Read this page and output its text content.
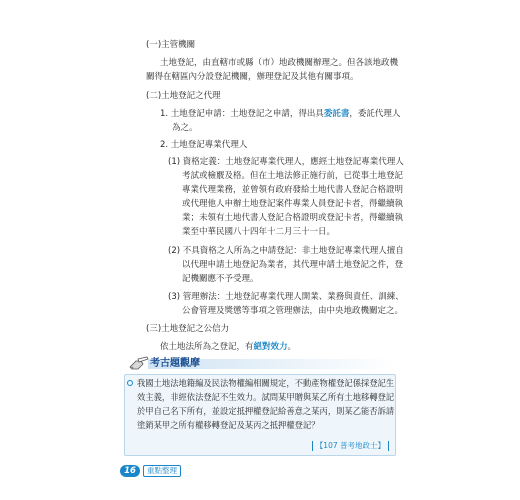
(一)主管機關
土地登記，由直轄市或縣（市）地政機關辦理之。但各該地政機
關得在轄區內分設登記機關，辦理登記及其他有關事項。
(二)土地登記之代理
1. 土地登記申請：土地登記之申請，得出具委託書，委託代理人
為之。
2. 土地登記專業代理人
(1) 資格定義：土地登記專業代理人，應經土地登記專業代理人
考試或檢覈及格。但在土地法修正施行前，已從事土地登記
專業代理業務，並曾領有政府發給土地代書人登記合格證明
或代理他人申辦土地登記案件專業人員登記卡者，得繼續執
業；未領有土地代書人登記合格證明或登記卡者，得繼續執
業至中華民國八十四年十二月三十一日。
(2) 不具資格之人所為之申請登記：非土地登記專業代理人擅自
以代理申請土地登記為業者，其代理申請土地登記之件，登
記機關應不予受理。
(3) 管理辦法：土地登記專業代理人開業、業務與責任、訓練、
公會管理及獎懲等事項之管理辦法，由中央地政機關定之。
(三)土地登記之公信力
依土地法所為之登記，有絕對效力。
考古題觀摩
我國土地法地籍編及民法物權編相關規定，不動產物權登記係採登記生
效主義，非經依法登記不生效力。試問某甲贈與某乙所有土地移轉登記
於甲自己名下所有，並設定抵押權登記給善意之某丙，則某乙能否訴請
塗銷某甲之所有權移轉登記及某丙之抵押權登記？
【107 普考地政士】
16	重點整理
